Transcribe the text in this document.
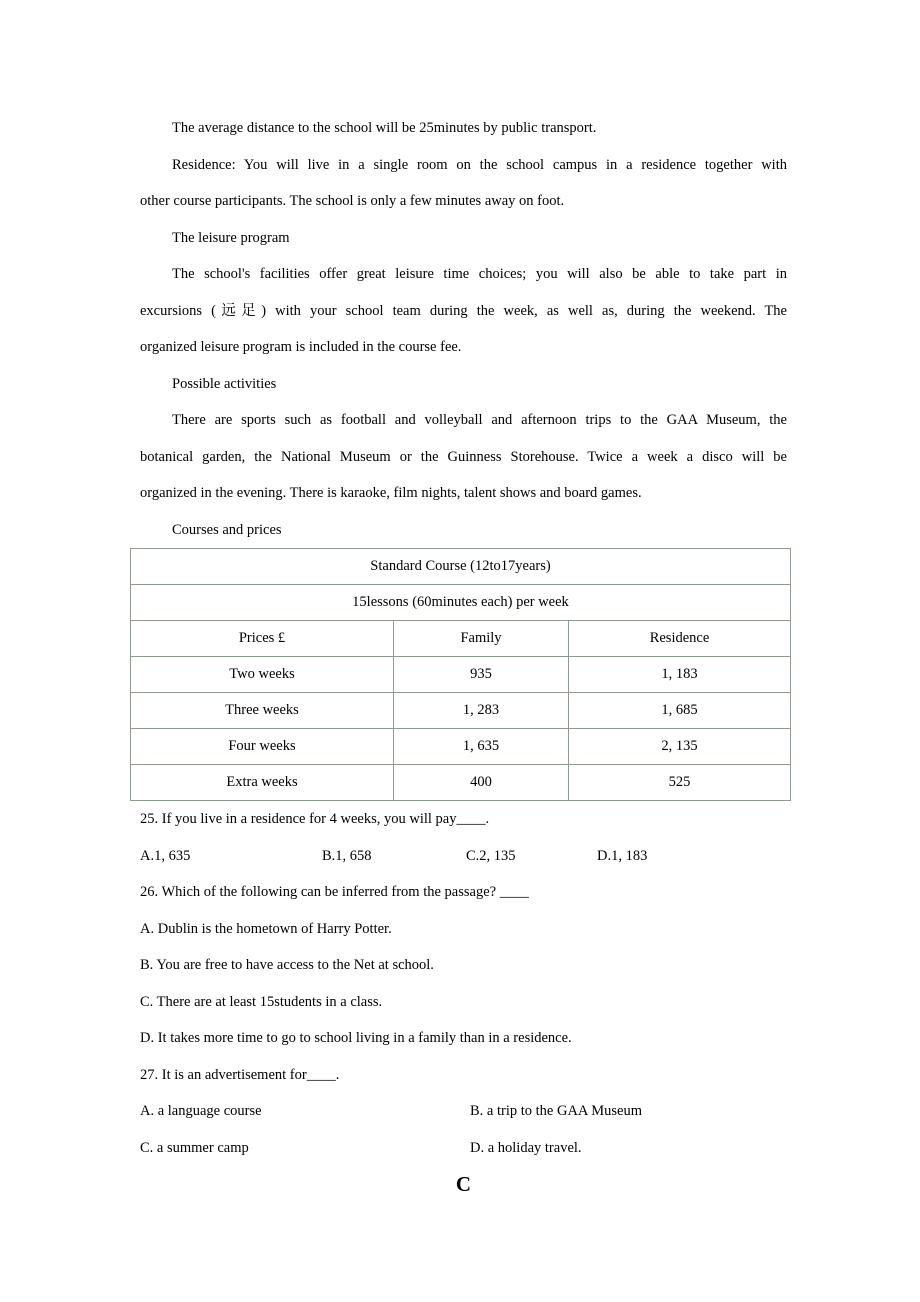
The average distance to the school will be 25minutes by public transport.
Residence: You will live in a single room on the school campus in a residence together with
other course participants. The school is only a few minutes away on foot.
The leisure program
The school's facilities offer great leisure time choices; you will also be able to take part in
excursions (远足) with your school team during the week, as well as, during the weekend. The
organized leisure program is included in the course fee.
Possible activities
There are sports such as football and volleyball and afternoon trips to the GAA Museum, the
botanical garden, the National Museum or the Guinness Storehouse. Twice a week a disco will be
organized in the evening. There is karaoke, film nights, talent shows and board games.
Courses and prices
Standard Course (12to17years)		
15lessons (60minutes each) per week		
Prices £	Family	Residence
Two weeks	935	1, 183
Three weeks	1, 283	1, 685
Four weeks	1, 635	2, 135
Extra weeks	400	525
25. If you live in a residence for 4 weeks, you will pay____.
A.1, 635	B.1, 658	C.2, 135	D.1, 183
26. Which of the following can be inferred from the passage? ____
A. Dublin is the hometown of Harry Potter.
B. You are free to have access to the Net at school.
C. There are at least 15students in a class.
D. It takes more time to go to school living in a family than in a residence.
27. It is an advertisement for____.
A. a language course	B. a trip to the GAA Museum
C. a summer camp	D. a holiday travel.
C
